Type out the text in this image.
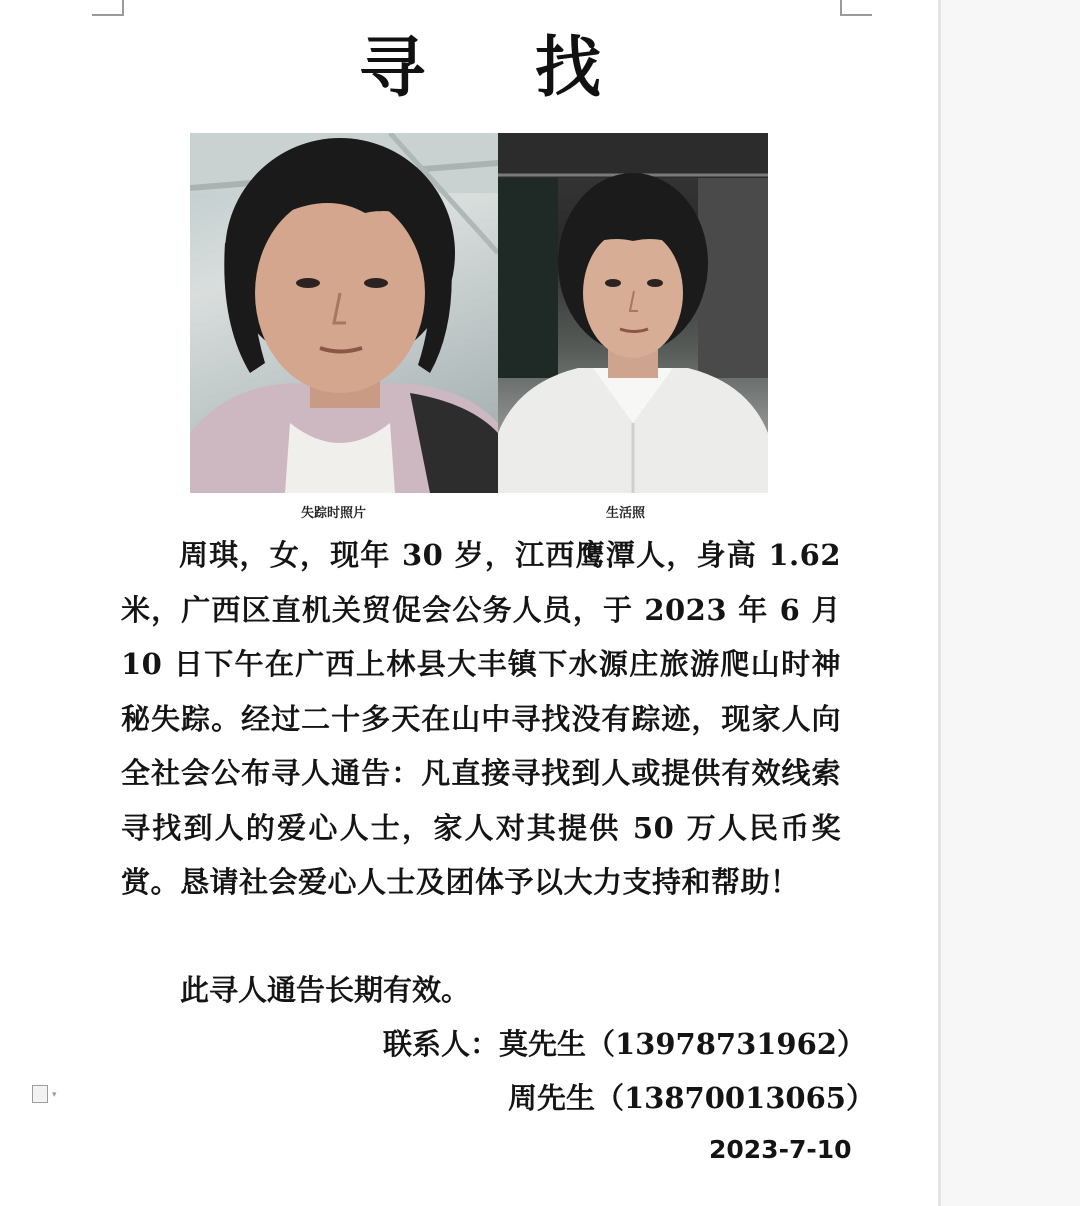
寻找
失踪时照片	生活照

周琪，女，现年 30 岁，江西鹰潭人，身高 1.62 米，广西区直机关贸促会公务人员，于 2023 年 6 月 10 日下午在广西上林县大丰镇下水源庄旅游爬山时神秘失踪。经过二十多天在山中寻找没有踪迹，现家人向全社会公布寻人通告：凡直接寻找到人或提供有效线索寻找到人的爱心人士，家人对其提供 50 万人民币奖赏。恳请社会爱心人士及团体予以大力支持和帮助！

此寻人通告长期有效。

联系人：莫先生（13978731962）

周先生（13870013065）

2023-7-10

▾
